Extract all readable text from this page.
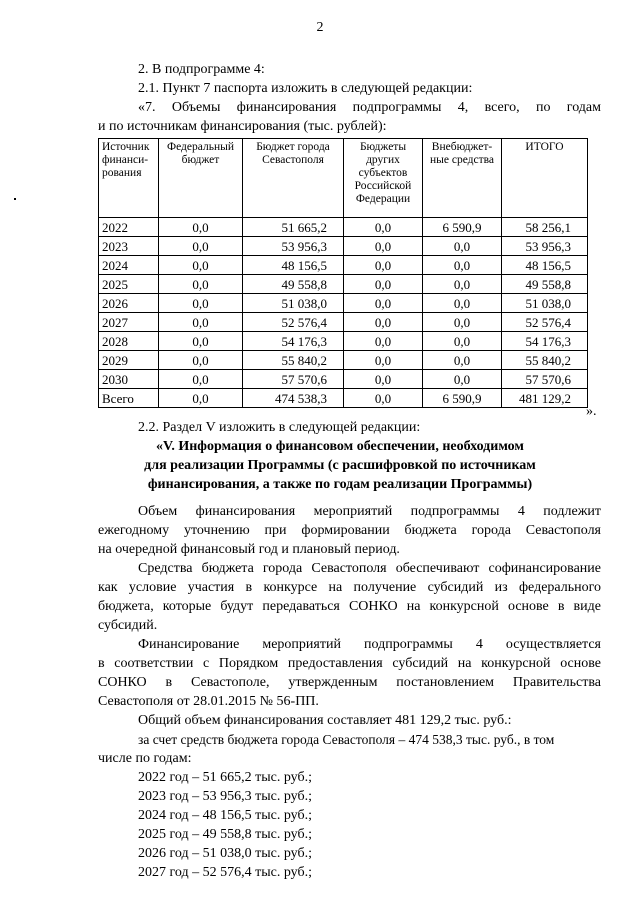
2
2. В подпрограмме 4:
2.1. Пункт 7 паспорта изложить в следующей редакции:
«7. Объемы финансирования подпрограммы 4, всего, по годам
и по источникам финансирования (тыс. рублей):
Источник финанси-рования	Федеральный бюджет	Бюджет города Севастополя	Бюджеты других субъектов Российской Федерации	Внебюджет-ные средства	ИТОГО
2022	0,0	51 665,2	0,0	6 590,9	58 256,1
2023	0,0	53 956,3	0,0	0,0	53 956,3
2024	0,0	48 156,5	0,0	0,0	48 156,5
2025	0,0	49 558,8	0,0	0,0	49 558,8
2026	0,0	51 038,0	0,0	0,0	51 038,0
2027	0,0	52 576,4	0,0	0,0	52 576,4
2028	0,0	54 176,3	0,0	0,0	54 176,3
2029	0,0	55 840,2	0,0	0,0	55 840,2
2030	0,0	57 570,6	0,0	0,0	57 570,6
Всего	0,0	474 538,3	0,0	6 590,9	481 129,2
».
2.2. Раздел V изложить в следующей редакции:
«V. Информация о финансовом обеспечении, необходимом
для реализации Программы (с расшифровкой по источникам
финансирования, а также по годам реализации Программы)
Объем финансирования мероприятий подпрограммы 4 подлежит
ежегодному уточнению при формировании бюджета города Севастополя
на очередной финансовый год и плановый период.
Средства бюджета города Севастополя обеспечивают софинансирование
как условие участия в конкурсе на получение субсидий из федерального
бюджета, которые будут передаваться СОНКО на конкурсной основе в виде
субсидий.
Финансирование мероприятий подпрограммы 4 осуществляется
в соответствии с Порядком предоставления субсидий на конкурсной основе
СОНКО в Севастополе, утвержденным постановлением Правительства
Севастополя от 28.01.2015 № 56-ПП.
Общий объем финансирования составляет 481 129,2 тыс. руб.:
за счет средств бюджета города Севастополя – 474 538,3 тыс. руб., в том
числе по годам:
2022 год – 51 665,2 тыс. руб.;
2023 год – 53 956,3 тыс. руб.;
2024 год – 48 156,5 тыс. руб.;
2025 год – 49 558,8 тыс. руб.;
2026 год – 51 038,0 тыс. руб.;
2027 год – 52 576,4 тыс. руб.;
